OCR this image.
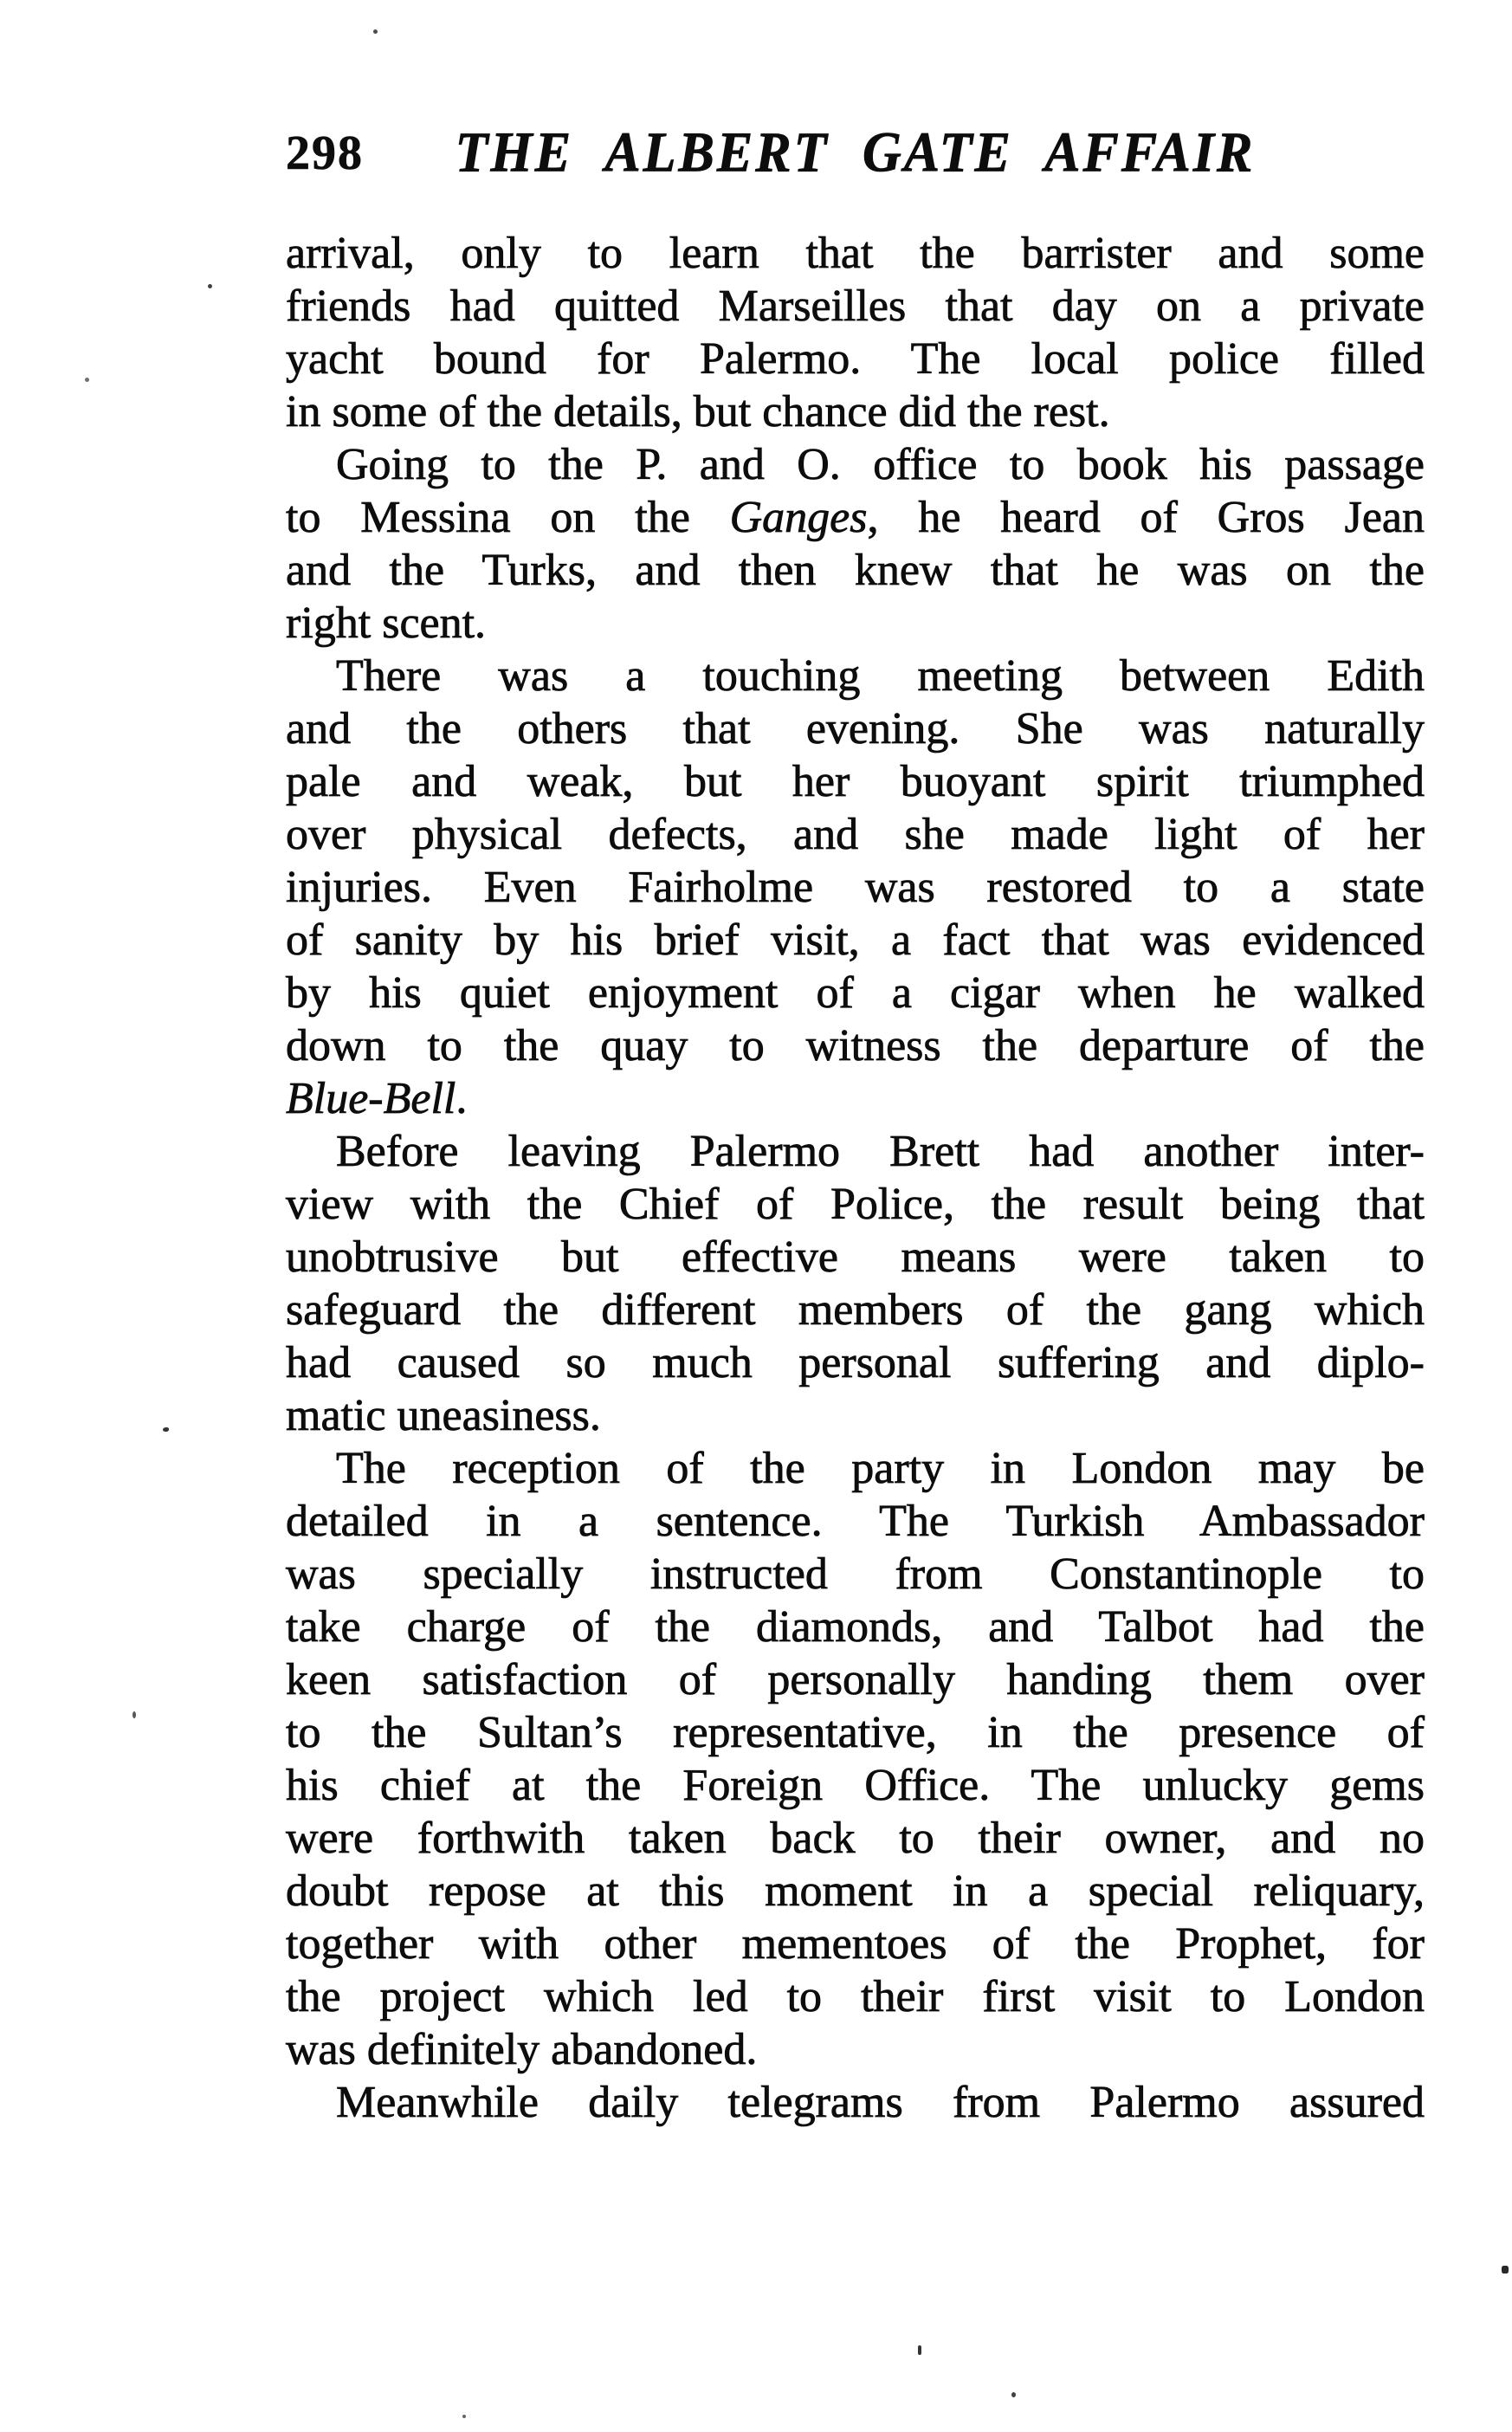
298	THE ALBERT GATE AFFAIR
arrival, only to learn that the barrister and some
friends had quitted Marseilles that day on a private
yacht bound for Palermo. The local police filled
in some of the details, but chance did the rest.
Going to the P. and O. office to book his passage
to Messina on the Ganges, he heard of Gros Jean
and the Turks, and then knew that he was on the
right scent.
There was a touching meeting between Edith
and the others that evening. She was naturally
pale and weak, but her buoyant spirit triumphed
over physical defects, and she made light of her
injuries. Even Fairholme was restored to a state
of sanity by his brief visit, a fact that was evidenced
by his quiet enjoyment of a cigar when he walked
down to the quay to witness the departure of the
Blue-Bell.
Before leaving Palermo Brett had another inter-
view with the Chief of Police, the result being that
unobtrusive but effective means were taken to
safeguard the different members of the gang which
had caused so much personal suffering and diplo-
matic uneasiness.
The reception of the party in London may be
detailed in a sentence. The Turkish Ambassador
was specially instructed from Constantinople to
take charge of the diamonds, and Talbot had the
keen satisfaction of personally handing them over
to the Sultan’s representative, in the presence of
his chief at the Foreign Office. The unlucky gems
were forthwith taken back to their owner, and no
doubt repose at this moment in a special reliquary,
together with other mementoes of the Prophet, for
the project which led to their first visit to London
was definitely abandoned.
Meanwhile daily telegrams from Palermo assured
